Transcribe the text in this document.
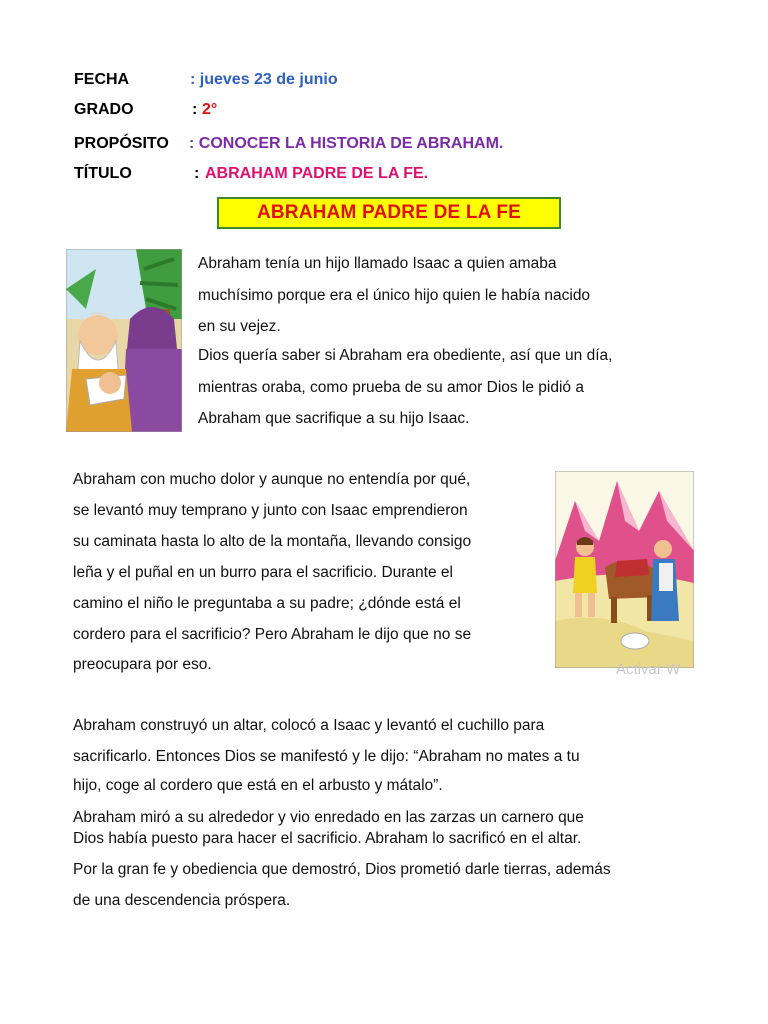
FECHA	: jueves 23 de junio
GRADO	: 2°
PROPÓSITO : CONOCER LA HISTORIA DE ABRAHAM.
TÍTULO	: ABRAHAM PADRE DE LA FE.
ABRAHAM PADRE DE LA FE
Abraham tenía un hijo llamado Isaac a quien amaba
muchísimo porque era el único hijo quien le había nacido
en su vejez.
Dios quería saber si Abraham era obediente, así que un día,
mientras oraba, como prueba de su amor Dios le pidió a
Abraham que sacrifique a su hijo Isaac.
Abraham con mucho dolor y aunque no entendía por qué,
se levantó muy temprano y junto con Isaac emprendieron
su caminata hasta lo alto de la montaña, llevando consigo
leña y el puñal en un burro para el sacrificio. Durante el
camino el niño le preguntaba a su padre; ¿dónde está el
cordero para el sacrificio? Pero Abraham le dijo que no se
preocupara por eso.	Activar W
Abraham construyó un altar, colocó a Isaac y levantó el cuchillo para
sacrificarlo. Entonces Dios se manifestó y le dijo: “Abraham no mates a tu
hijo, coge al cordero que está en el arbusto y mátalo”.
Abraham miró a su alrededor y vio enredado en las zarzas un carnero que
Dios había puesto para hacer el sacrificio. Abraham lo sacrificó en el altar.
Por la gran fe y obediencia que demostró, Dios prometió darle tierras, además
de una descendencia próspera.
